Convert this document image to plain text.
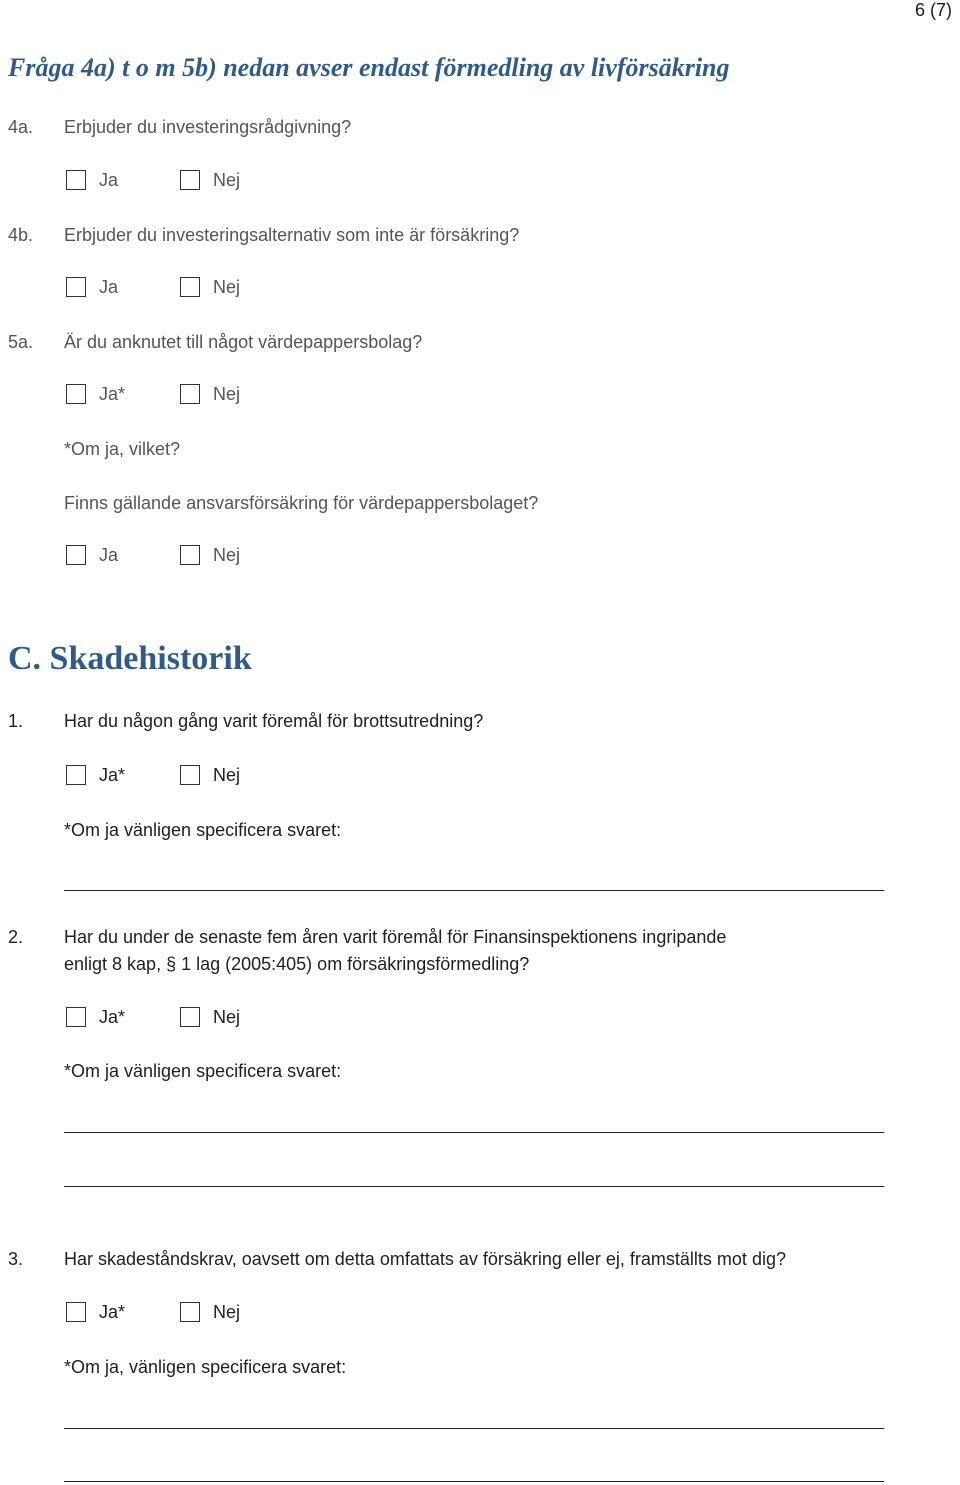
6 (7)
Fråga 4a) t o m 5b) nedan avser endast förmedling av livförsäkring
4a. Erbjuder du investeringsrådgivning?
Ja	Nej
4b. Erbjuder du investeringsalternativ som inte är försäkring?
Ja	Nej
5a. Är du anknutet till något värdepappersbolag?
Ja*	Nej
*Om ja, vilket?
Finns gällande ansvarsförsäkring för värdepappersbolaget?
Ja	Nej
C. Skadehistorik
1. Har du någon gång varit föremål för brottsutredning?
Ja*	Nej
*Om ja vänligen specificera svaret:
2. Har du under de senaste fem åren varit föremål för Finansinspektionens ingripande
enligt 8 kap, § 1 lag (2005:405) om försäkringsförmedling?
Ja*	Nej
*Om ja vänligen specificera svaret:
3. Har skadeståndskrav, oavsett om detta omfattats av försäkring eller ej, framställts mot dig?
Ja*	Nej
*Om ja, vänligen specificera svaret:
